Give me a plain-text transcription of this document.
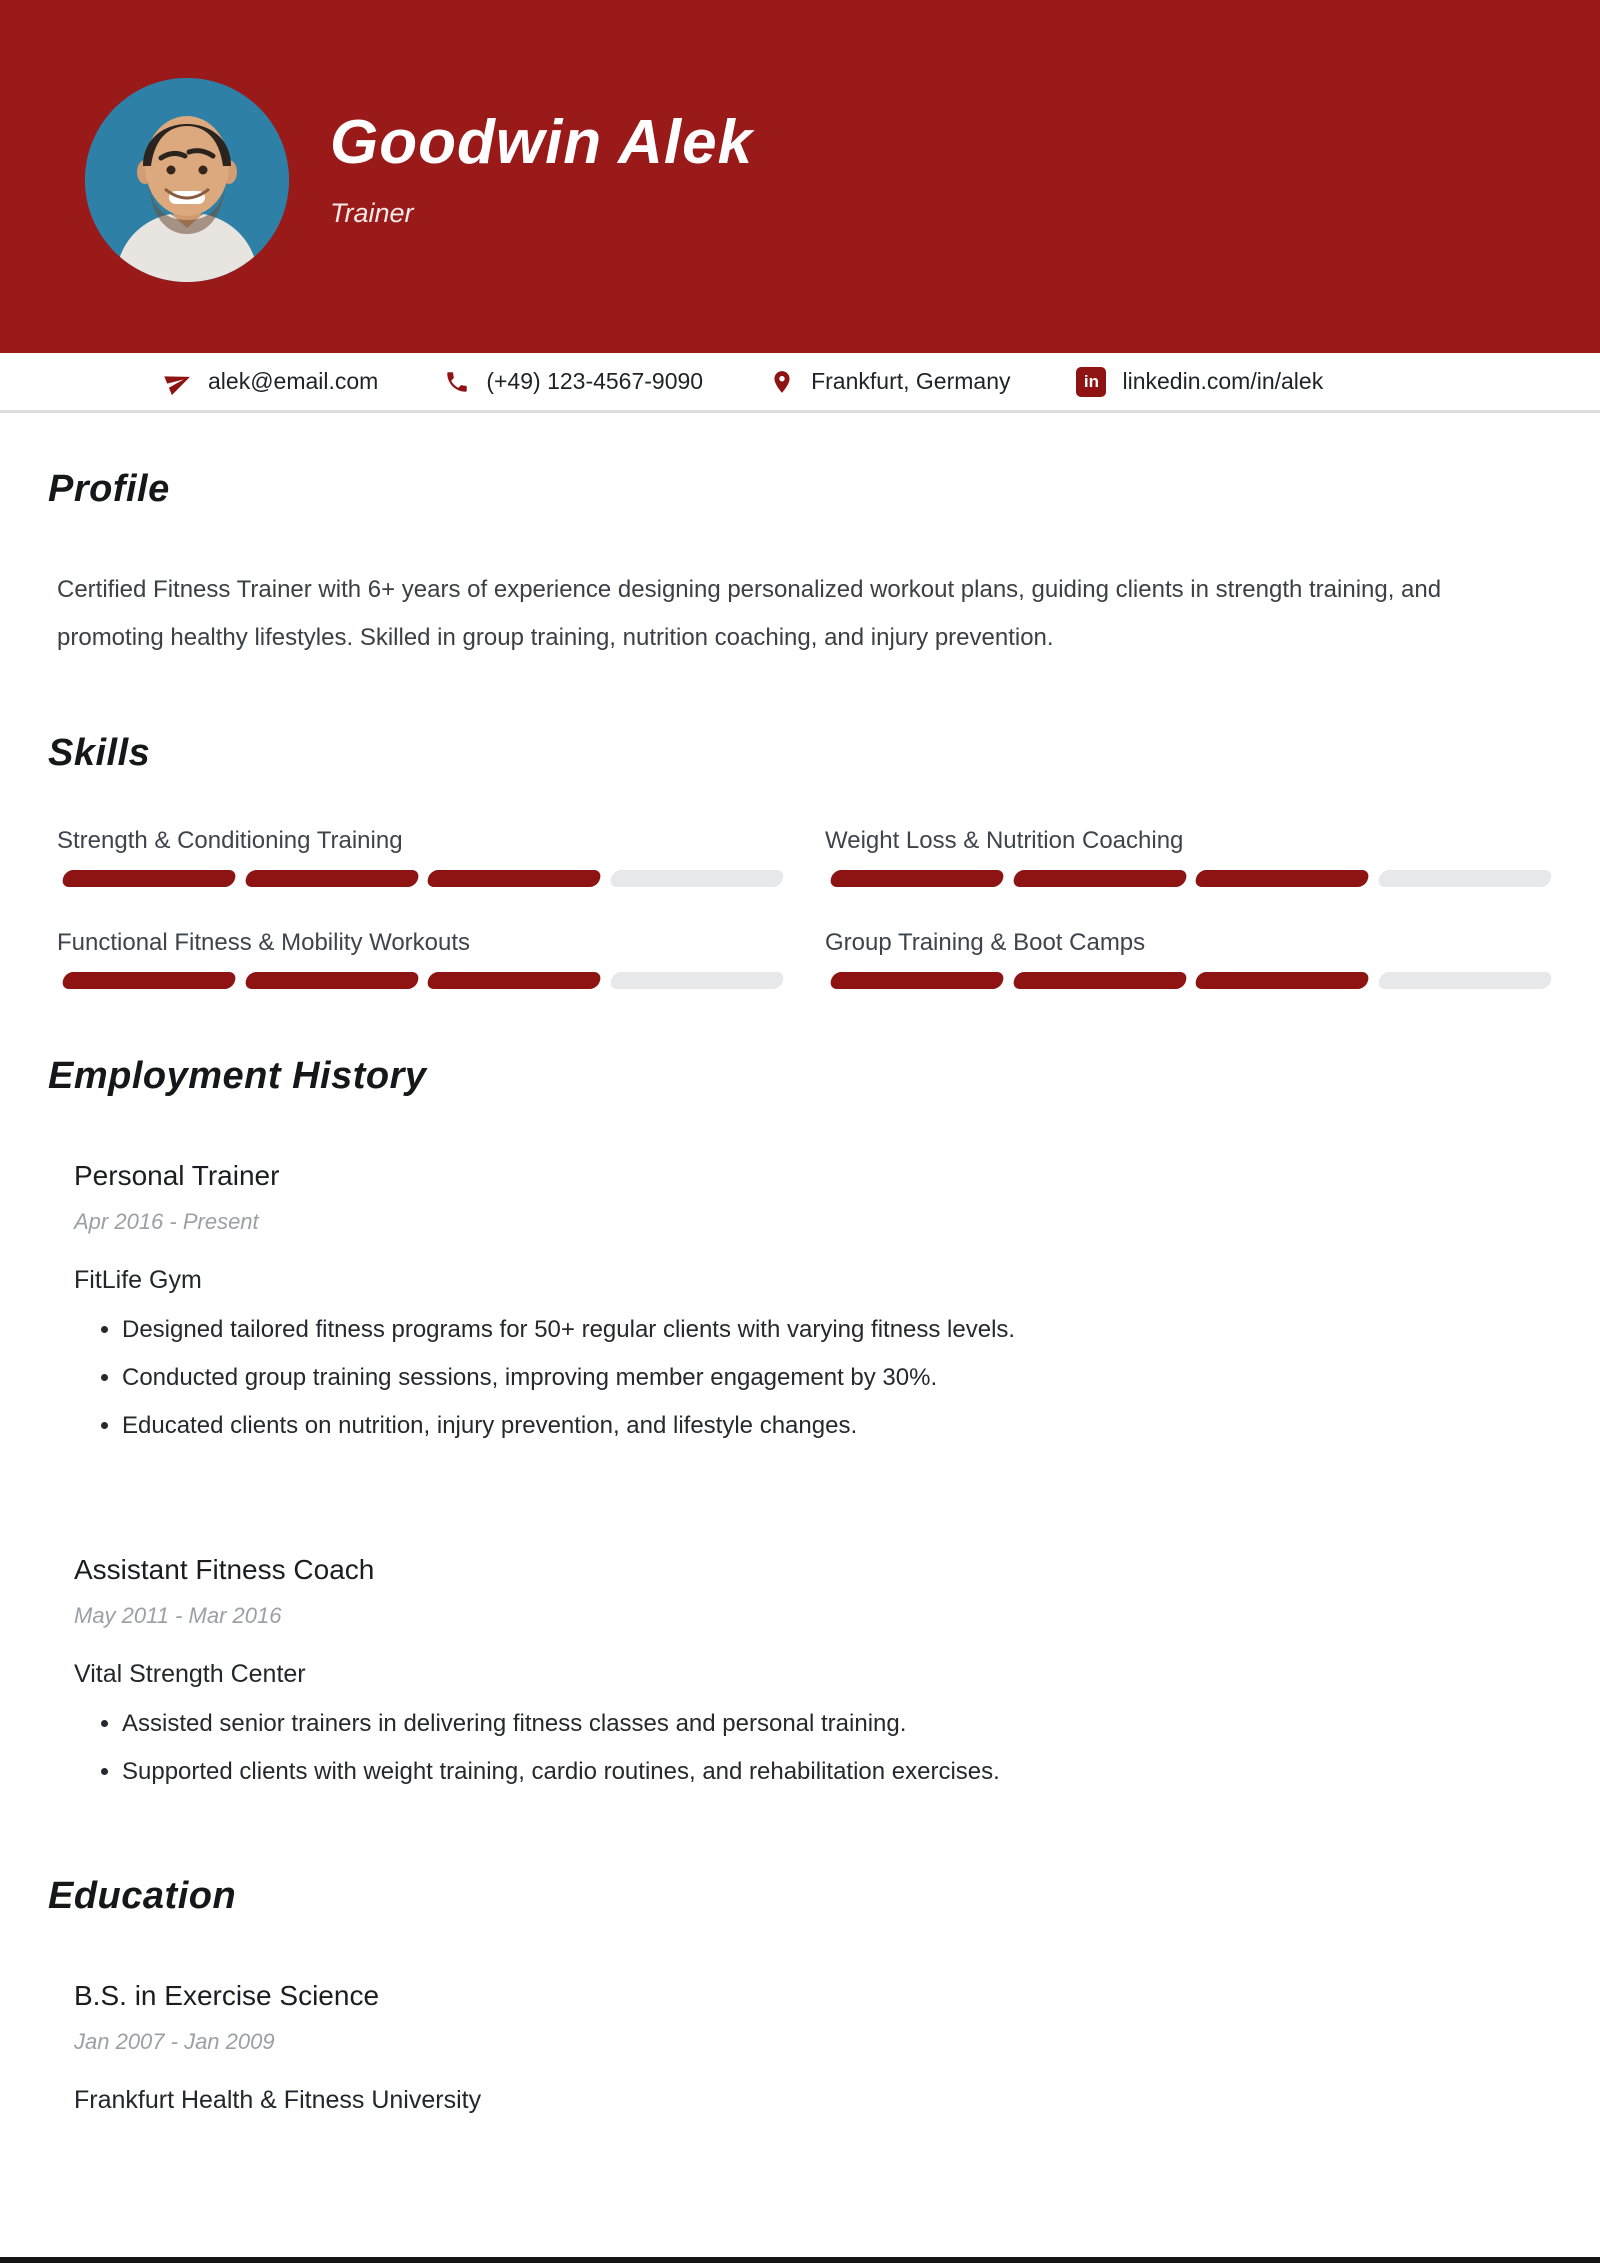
Goodwin Alek
Trainer
alek@email.com	(+49) 123-4567-9090	Frankfurt, Germany	in	linkedin.com/in/alek
Profile

Certified Fitness Trainer with 6+ years of experience designing personalized workout plans, guiding clients in strength training, and promoting healthy lifestyles. Skilled in group training, nutrition coaching, and injury prevention.

Skills
Strength & Conditioning Training	Weight Loss & Nutrition Coaching
Functional Fitness & Mobility Workouts	Group Training & Boot Camps
Employment History
Personal Trainer
Apr 2016 - Present
FitLife Gym
• Designed tailored fitness programs for 50+ regular clients with varying fitness levels.
• Conducted group training sessions, improving member engagement by 30%.
• Educated clients on nutrition, injury prevention, and lifestyle changes.
Assistant Fitness Coach
May 2011 - Mar 2016
Vital Strength Center
• Assisted senior trainers in delivering fitness classes and personal training.
• Supported clients with weight training, cardio routines, and rehabilitation exercises.
Education
B.S. in Exercise Science
Jan 2007 - Jan 2009
Frankfurt Health & Fitness University
